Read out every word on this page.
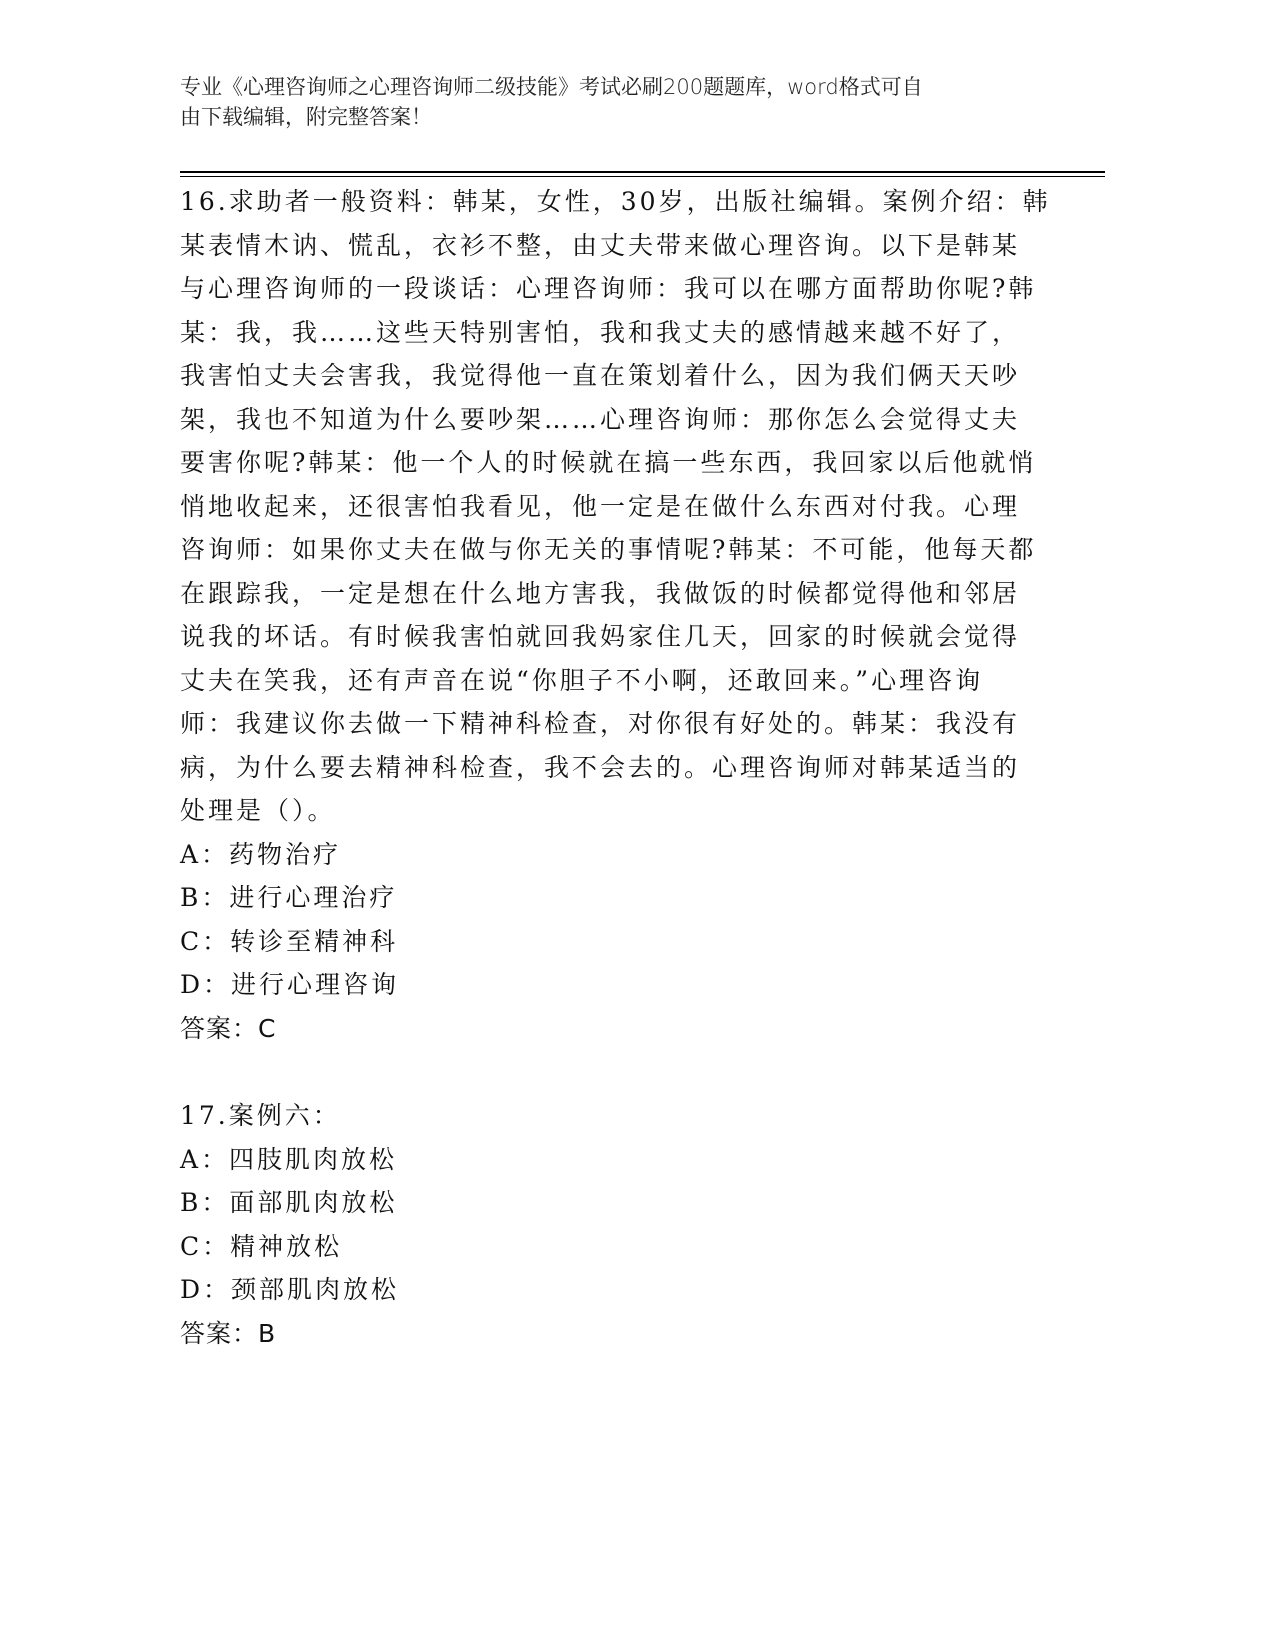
专业《心理咨询师之心理咨询师二级技能》考试必刷200题题库，word格式可自
由下载编辑，附完整答案！
16.求助者一般资料：韩某，女性，30岁，出版社编辑。案例介绍：韩
某表情木讷、慌乱，衣衫不整，由丈夫带来做心理咨询。以下是韩某
与心理咨询师的一段谈话：心理咨询师：我可以在哪方面帮助你呢?韩
某：我，我……这些天特别害怕，我和我丈夫的感情越来越不好了，
我害怕丈夫会害我，我觉得他一直在策划着什么，因为我们俩天天吵
架，我也不知道为什么要吵架……心理咨询师：那你怎么会觉得丈夫
要害你呢?韩某：他一个人的时候就在搞一些东西，我回家以后他就悄
悄地收起来，还很害怕我看见，他一定是在做什么东西对付我。心理
咨询师：如果你丈夫在做与你无关的事情呢?韩某：不可能，他每天都
在跟踪我，一定是想在什么地方害我，我做饭的时候都觉得他和邻居
说我的坏话。有时候我害怕就回我妈家住几天，回家的时候就会觉得
丈夫在笑我，还有声音在说“你胆子不小啊，还敢回来。”心理咨询
师：我建议你去做一下精神科检查，对你很有好处的。韩某：我没有
病，为什么要去精神科检查，我不会去的。心理咨询师对韩某适当的
处理是（）。
A：药物治疗
B：进行心理治疗
C：转诊至精神科
D：进行心理咨询
答案：C
17.案例六：
A：四肢肌肉放松
B：面部肌肉放松
C：精神放松
D：颈部肌肉放松
答案：B
